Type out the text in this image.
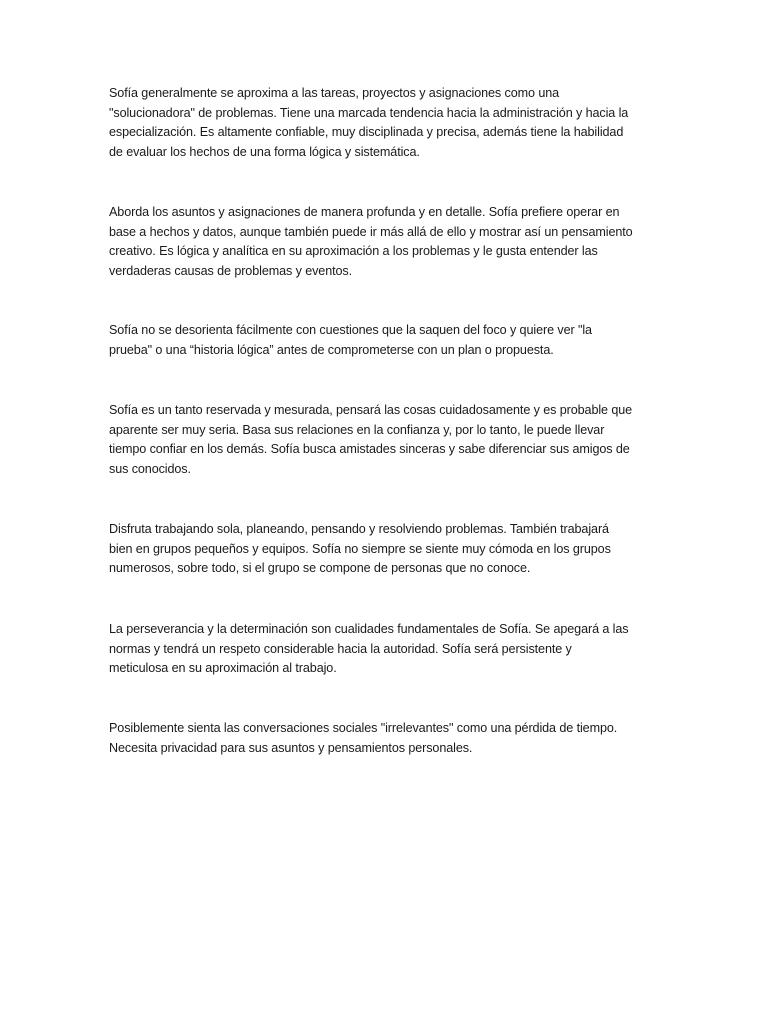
Sofía generalmente se aproxima a las tareas, proyectos y asignaciones como una
"solucionadora" de problemas. Tiene una marcada tendencia hacia la administración y hacia la
especialización. Es altamente confiable, muy disciplinada y precisa, además tiene la habilidad
de evaluar los hechos de una forma lógica y sistemática.

Aborda los asuntos y asignaciones de manera profunda y en detalle. Sofía prefiere operar en
base a hechos y datos, aunque también puede ir más allá de ello y mostrar así un pensamiento
creativo. Es lógica y analítica en su aproximación a los problemas y le gusta entender las
verdaderas causas de problemas y eventos.

Sofía no se desorienta fácilmente con cuestiones que la saquen del foco y quiere ver "la
prueba" o una “historia lógica” antes de comprometerse con un plan o propuesta.

Sofía es un tanto reservada y mesurada, pensará las cosas cuidadosamente y es probable que
aparente ser muy seria. Basa sus relaciones en la confianza y, por lo tanto, le puede llevar
tiempo confiar en los demás. Sofía busca amistades sinceras y sabe diferenciar sus amigos de
sus conocidos.

Disfruta trabajando sola, planeando, pensando y resolviendo problemas. También trabajará
bien en grupos pequeños y equipos. Sofía no siempre se siente muy cómoda en los grupos
numerosos, sobre todo, si el grupo se compone de personas que no conoce.

La perseverancia y la determinación son cualidades fundamentales de Sofía. Se apegará a las
normas y tendrá un respeto considerable hacia la autoridad. Sofía será persistente y
meticulosa en su aproximación al trabajo.

Posiblemente sienta las conversaciones sociales "irrelevantes" como una pérdida de tiempo.
Necesita privacidad para sus asuntos y pensamientos personales.
